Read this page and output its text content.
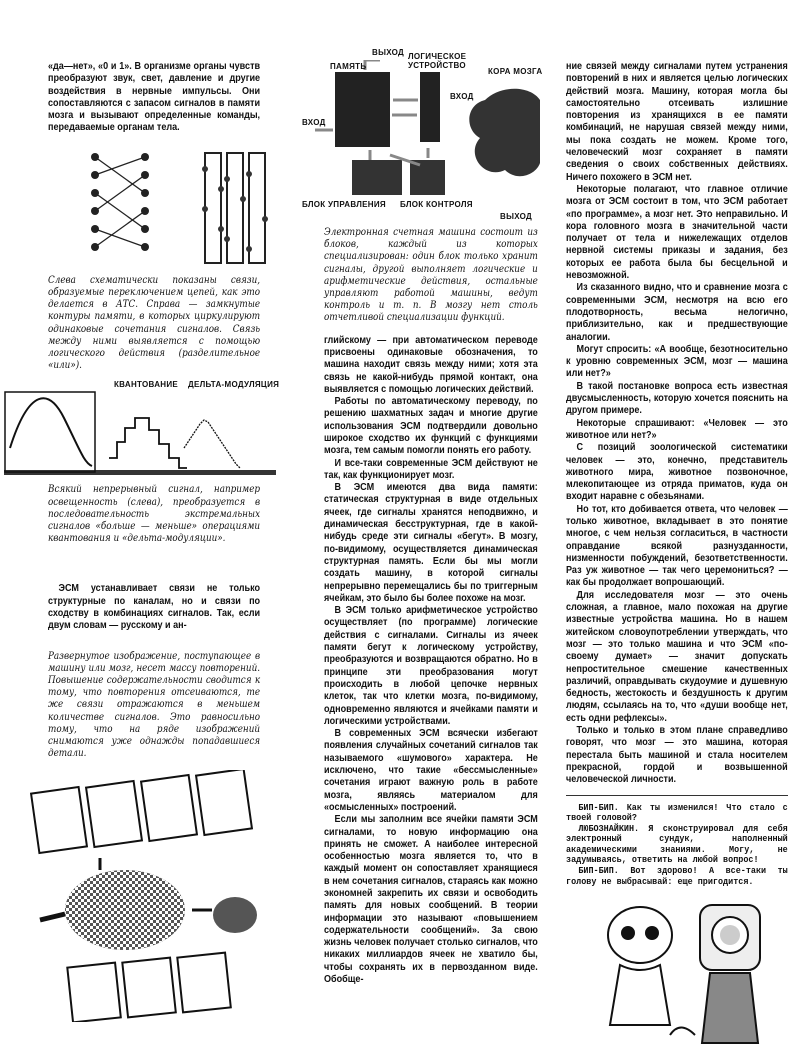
«да—нет», «0 и 1». В организме органы чувств преобразуют звук, свет, давление и другие воздействия в нервные импульсы. Они сопоставляются с запасом сигналов в памяти мозга и вызывают определенные команды, передаваемые органам тела.

Слева схематически показаны связи, образуемые переключением цепей, как это делается в АТС. Справа — замкнутые контуры памяти, в которых циркулируют одинаковые сочетания сигналов. Связь между ними выявляется с помощью логического действия (разделительное «или»).
КВАНТОВАНИЕ ДЕЛЬТА-МОДУЛЯЦИЯ
Всякий непрерывный сигнал, например освещенность (слева), преобразуется в последовательность экстремальных сигналов «больше — меньше» операциями квантования и «дельта-модуляции».

ЭСМ устанавливает связи не только структурные по каналам, но и связи по сходству в комбинациях сигналов. Так, если двум словам — русскому и ан-

Развернутое изображение, поступающее в машину или мозг, несет массу повторений. Повышение содержательности сводится к тому, что повторения отсеиваются, те же связи отражаются в меньшем количестве сигналов. Это равносильно тому, что на ряде изображений снимаются уже однажды попадавшиеся детали.
ПАМЯТЬ
ВЫХОД ЛОГИЧЕСКОЕ УСТРОЙСТВО
ВХОД
БЛОК УПРАВЛЕНИЯ БЛОК КОНТРОЛЯ
КОРА МОЗГА
ВХОД
ВЫХОД
Электронная счетная машина состоит из блоков, каждый из которых специализирован: один блок только хранит сигналы, другой выполняет логические и арифметические действия, остальные управляют работой машины, ведут контроль и т. п. В мозгу нет столь отчетливой специализации функций.

глийскому — при автоматическом переводе присвоены одинаковые обозначения, то машина находит связь между ними; хотя эта связь не какой-нибудь прямой контакт, она выявляется с помощью логических действий.

Работы по автоматическому переводу, по решению шахматных задач и многие другие использования ЭСМ подтвердили довольно широкое сходство их функций с функциями мозга, тем самым помогли понять его работу.

И все-таки современные ЭСМ действуют не так, как функционирует мозг.

В ЭСМ имеются два вида памяти: статическая структурная в виде отдельных ячеек, где сигналы хранятся неподвижно, и динамическая бесструктурная, где в какой-нибудь среде эти сигналы «бегут». В мозгу, по-видимому, осуществляется динамическая структурная память. Если бы мы могли создать машину, в которой сигналы непрерывно перемещались бы по триггерным ячейкам, это было бы более похоже на мозг.

В ЭСМ только арифметическое устройство осуществляет (по программе) логические действия с сигналами. Сигналы из ячеек памяти бегут к логическому устройству, преобразуются и возвращаются обратно. Но в принципе эти преобразования могут происходить в любой цепочке нервных клеток, так что клетки мозга, по-видимому, одновременно являются и ячейками памяти и логическими устройствами.

В современных ЭСМ всячески избегают появления случайных сочетаний сигналов так называемого «шумового» характера. Не исключено, что такие «бессмысленные» сочетания играют важную роль в работе мозга, являясь материалом для «осмысленных» построений.

Если мы заполним все ячейки памяти ЭСМ сигналами, то новую информацию она принять не сможет. А наиболее интересной особенностью мозга является то, что в каждый момент он сопоставляет хранящиеся в нем сочетания сигналов, стараясь как можно экономней закрепить их связи и освободить память для новых сообщений. В теории информации это называют «повышением содержательности сообщений». За свою жизнь человек получает столько сигналов, что никаких миллиардов ячеек не хватило бы, чтобы сохранять их в первозданном виде. Обобще-

ние связей между сигналами путем устранения повторений в них и является целью логических действий мозга. Машину, которая могла бы самостоятельно отсеивать излишние повторения из хранящихся в ее памяти комбинаций, не нарушая связей между ними, мы пока создать не можем. Кроме того, человеческий мозг сохраняет в памяти сведения о своих собственных действиях. Ничего похожего в ЭСМ нет.

Некоторые полагают, что главное отличие мозга от ЭСМ состоит в том, что ЭСМ работает «по программе», а мозг нет. Это неправильно. И кора головного мозга в значительной части получает от тела и нижележащих отделов нервной системы приказы и задания, без которых ее работа была бы бесцельной и невозможной.

Из сказанного видно, что и сравнение мозга с современными ЭСМ, несмотря на всю его плодотворность, весьма нелогично, приблизительно, как и предшествующие аналогии.

Могут спросить: «А вообще, безотносительно к уровню современных ЭСМ, мозг — машина или нет?»

В такой постановке вопроса есть известная двусмысленность, которую хочется пояснить на другом примере.

Некоторые спрашивают: «Человек — это животное или нет?»

С позиций зоологической систематики человек — это, конечно, представитель животного мира, животное позвоночное, млекопитающее из отряда приматов, куда он входит наравне с обезьянами.

Но тот, кто добивается ответа, что человек — только животное, вкладывает в это понятие многое, с чем нельзя согласиться, в частности оправдание всякой разнузданности, низменности побуждений, безответственности. Раз уж животное — так чего церемониться? — как бы продолжает вопрошающий.

Для исследователя мозг — это очень сложная, а главное, мало похожая на другие известные устройства машина. Но в нашем житейском словоупотреблении утверждать, что мозг — это только машина и что ЭСМ «по-своему думает» — значит допускать непростительное смешение качественных различий, оправдывать скудоумие и душевную бедность, жестокость и бездушность к другим людям, ссылаясь на то, что «души вообще нет, есть одни рефлексы».

Только и только в этом плане справедливо говорят, что мозг — это машина, которая перестала быть машиной и стала носителем прекрасной, гордой и возвышенной человеческой личности.

БИП-БИП. Как ты изменился! Что стало с твоей головой?

ЛЮБОЗНАЙКИН. Я сконструировал для себя электронный сундук, наполненный академическими знаниями. Могу, не задумываясь, ответить на любой вопрос!

БИП-БИП. Вот здорово! А все-таки ты голову не выбрасывай: еще пригодится.
